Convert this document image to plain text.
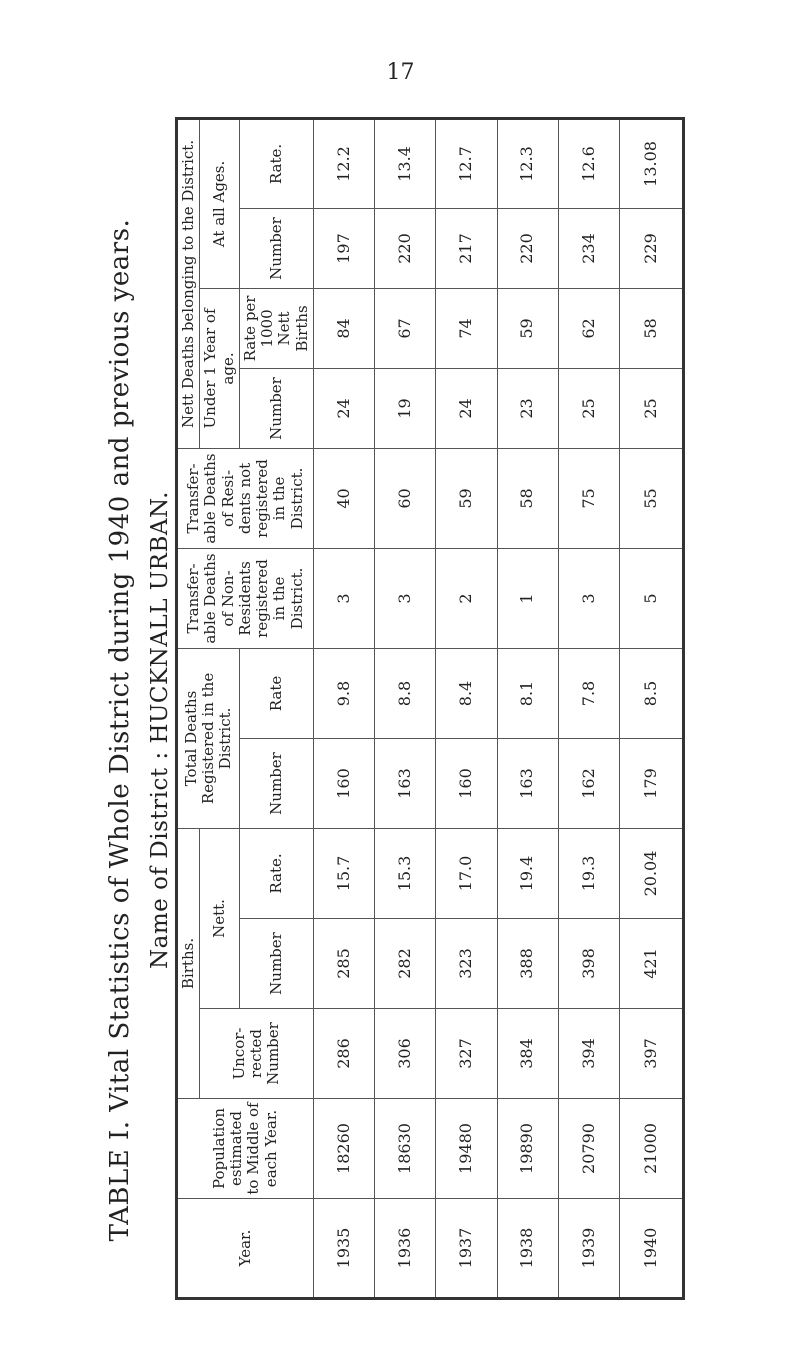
17
TABLE I. Vital Statistics of Whole District during 1940 and previous years. Name of District : HUCKNALL URBAN.
Year.	Population estimated to Middle of each Year.	Births.			Total Deaths Registered in the District.		Transfer-able Deaths of Non-Residents registered in the District.	Transfer-able Deaths of Resi-dents not registered in the District.	Nett Deaths belonging to the District.			
		Uncor-rected Number	Nett.						Under 1 Year of age.		At all Ages.	
			Number	Rate.	Number	Rate			Number	Rate per 1000 Nett Births	Number	Rate.
1935	18260	286	285	15.7	160	9.8	3	40	24	84	197	12.2
1936	18630	306	282	15.3	163	8.8	3	60	19	67	220	13.4
1937	19480	327	323	17.0	160	8.4	2	59	24	74	217	12.7
1938	19890	384	388	19.4	163	8.1	1	58	23	59	220	12.3
1939	20790	394	398	19.3	162	7.8	3	75	25	62	234	12.6
1940	21000	397	421	20.04	179	8.5	5	55	25	58	229	13.08
